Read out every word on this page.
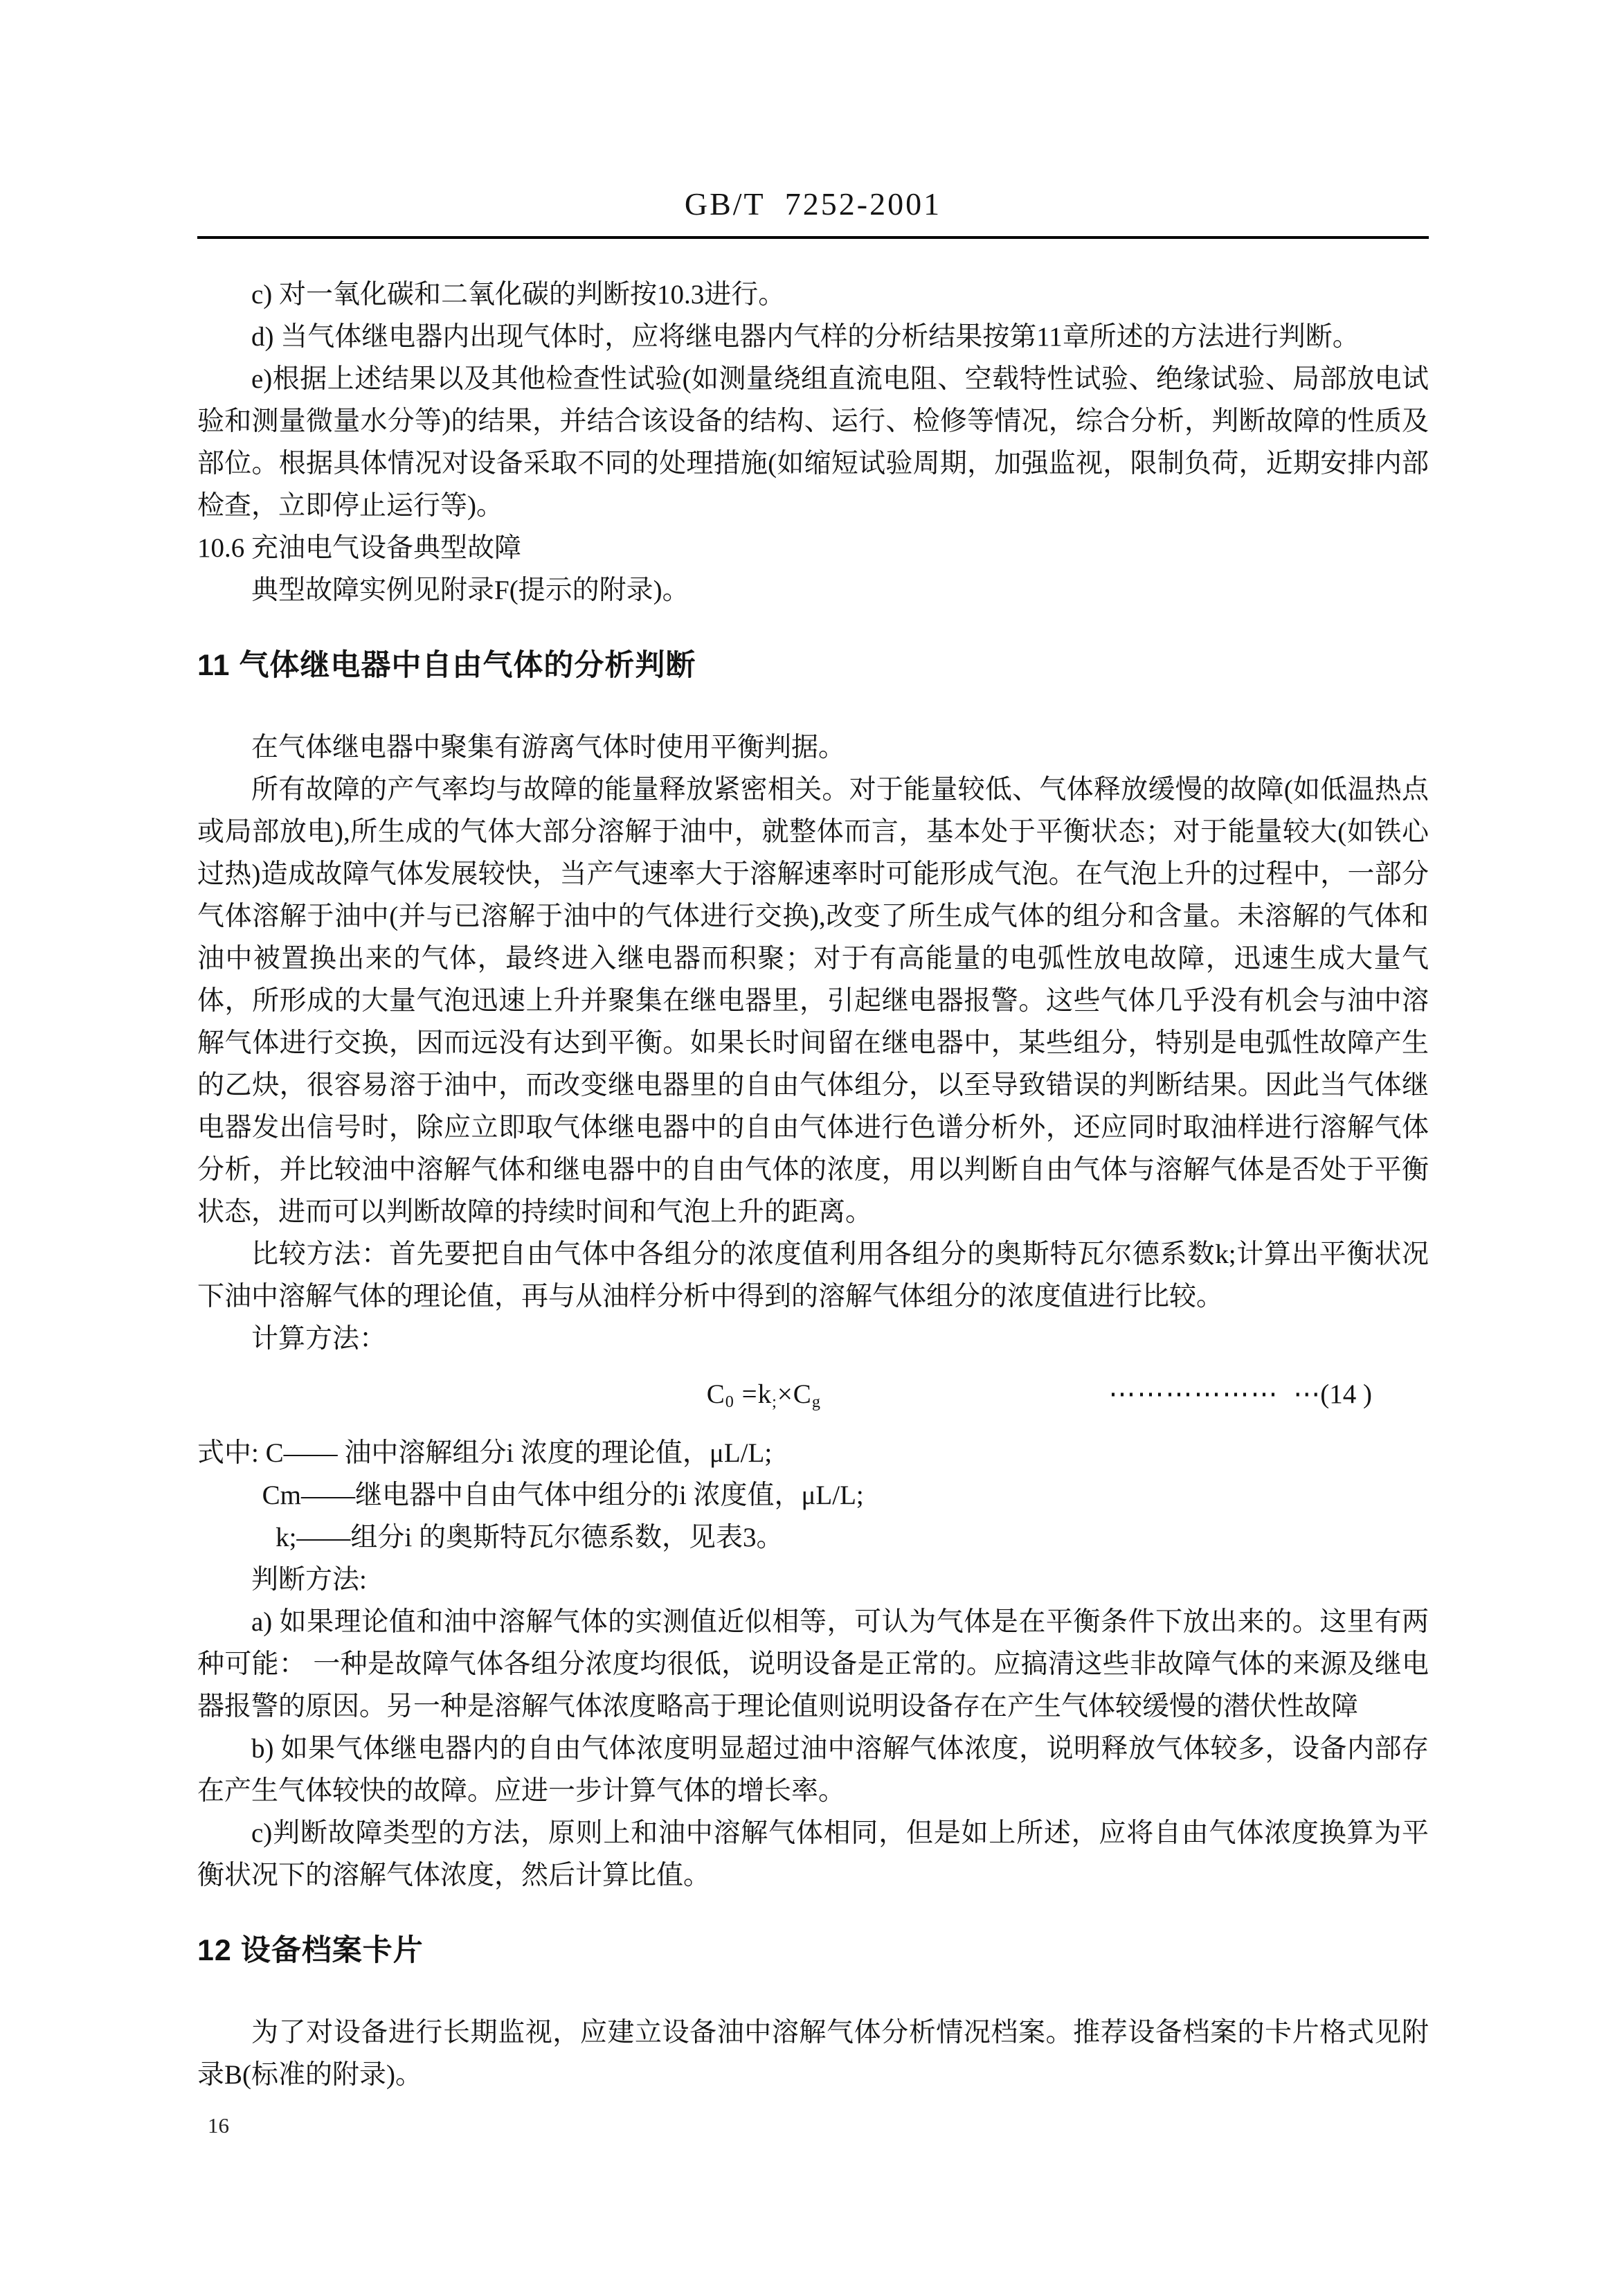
GB/T  7252-2001

c) 对一氧化碳和二氧化碳的判断按10.3进行。

d) 当气体继电器内出现气体时，应将继电器内气样的分析结果按第11章所述的方法进行判断。

e)根据上述结果以及其他检查性试验(如测量绕组直流电阻、空载特性试验、绝缘试验、局部放电试验和测量微量水分等)的结果，并结合该设备的结构、运行、检修等情况，综合分析，判断故障的性质及部位。根据具体情况对设备采取不同的处理措施(如缩短试验周期，加强监视，限制负荷，近期安排内部检查，立即停止运行等)。

10.6 充油电气设备典型故障

典型故障实例见附录F(提示的附录)。

11 气体继电器中自由气体的分析判断

在气体继电器中聚集有游离气体时使用平衡判据。

所有故障的产气率均与故障的能量释放紧密相关。对于能量较低、气体释放缓慢的故障(如低温热点或局部放电),所生成的气体大部分溶解于油中，就整体而言，基本处于平衡状态；对于能量较大(如铁心过热)造成故障气体发展较快，当产气速率大于溶解速率时可能形成气泡。在气泡上升的过程中，一部分气体溶解于油中(并与已溶解于油中的气体进行交换),改变了所生成气体的组分和含量。未溶解的气体和油中被置换出来的气体，最终进入继电器而积聚；对于有高能量的电弧性放电故障，迅速生成大量气体，所形成的大量气泡迅速上升并聚集在继电器里，引起继电器报警。这些气体几乎没有机会与油中溶解气体进行交换，因而远没有达到平衡。如果长时间留在继电器中，某些组分，特别是电弧性故障产生的乙炔，很容易溶于油中，而改变继电器里的自由气体组分，以至导致错误的判断结果。因此当气体继电器发出信号时，除应立即取气体继电器中的自由气体进行色谱分析外，还应同时取油样进行溶解气体分析，并比较油中溶解气体和继电器中的自由气体的浓度，用以判断自由气体与溶解气体是否处于平衡状态，进而可以判断故障的持续时间和气泡上升的距离。

比较方法：首先要把自由气体中各组分的浓度值利用各组分的奥斯特瓦尔德系数k;计算出平衡状况下油中溶解气体的理论值，再与从油样分析中得到的溶解气体组分的浓度值进行比较。

计算方法：

$C_0 =k_;\times C_g$	⋯⋯⋯⋯⋯⋯ ⋯(14 )

式中: C—— 油中溶解组分i 浓度的理论值，μL/L;

Cm——继电器中自由气体中组分的i 浓度值，μL/L;

k;——组分i 的奥斯特瓦尔德系数，见表3。

判断方法:

a) 如果理论值和油中溶解气体的实测值近似相等，可认为气体是在平衡条件下放出来的。这里有两种可能： 一种是故障气体各组分浓度均很低，说明设备是正常的。应搞清这些非故障气体的来源及继电器报警的原因。另一种是溶解气体浓度略高于理论值则说明设备存在产生气体较缓慢的潜伏性故障

b) 如果气体继电器内的自由气体浓度明显超过油中溶解气体浓度，说明释放气体较多，设备内部存在产生气体较快的故障。应进一步计算气体的增长率。

c)判断故障类型的方法，原则上和油中溶解气体相同，但是如上所述，应将自由气体浓度换算为平衡状况下的溶解气体浓度，然后计算比值。

12 设备档案卡片

为了对设备进行长期监视，应建立设备油中溶解气体分析情况档案。推荐设备档案的卡片格式见附录B(标准的附录)。

16
